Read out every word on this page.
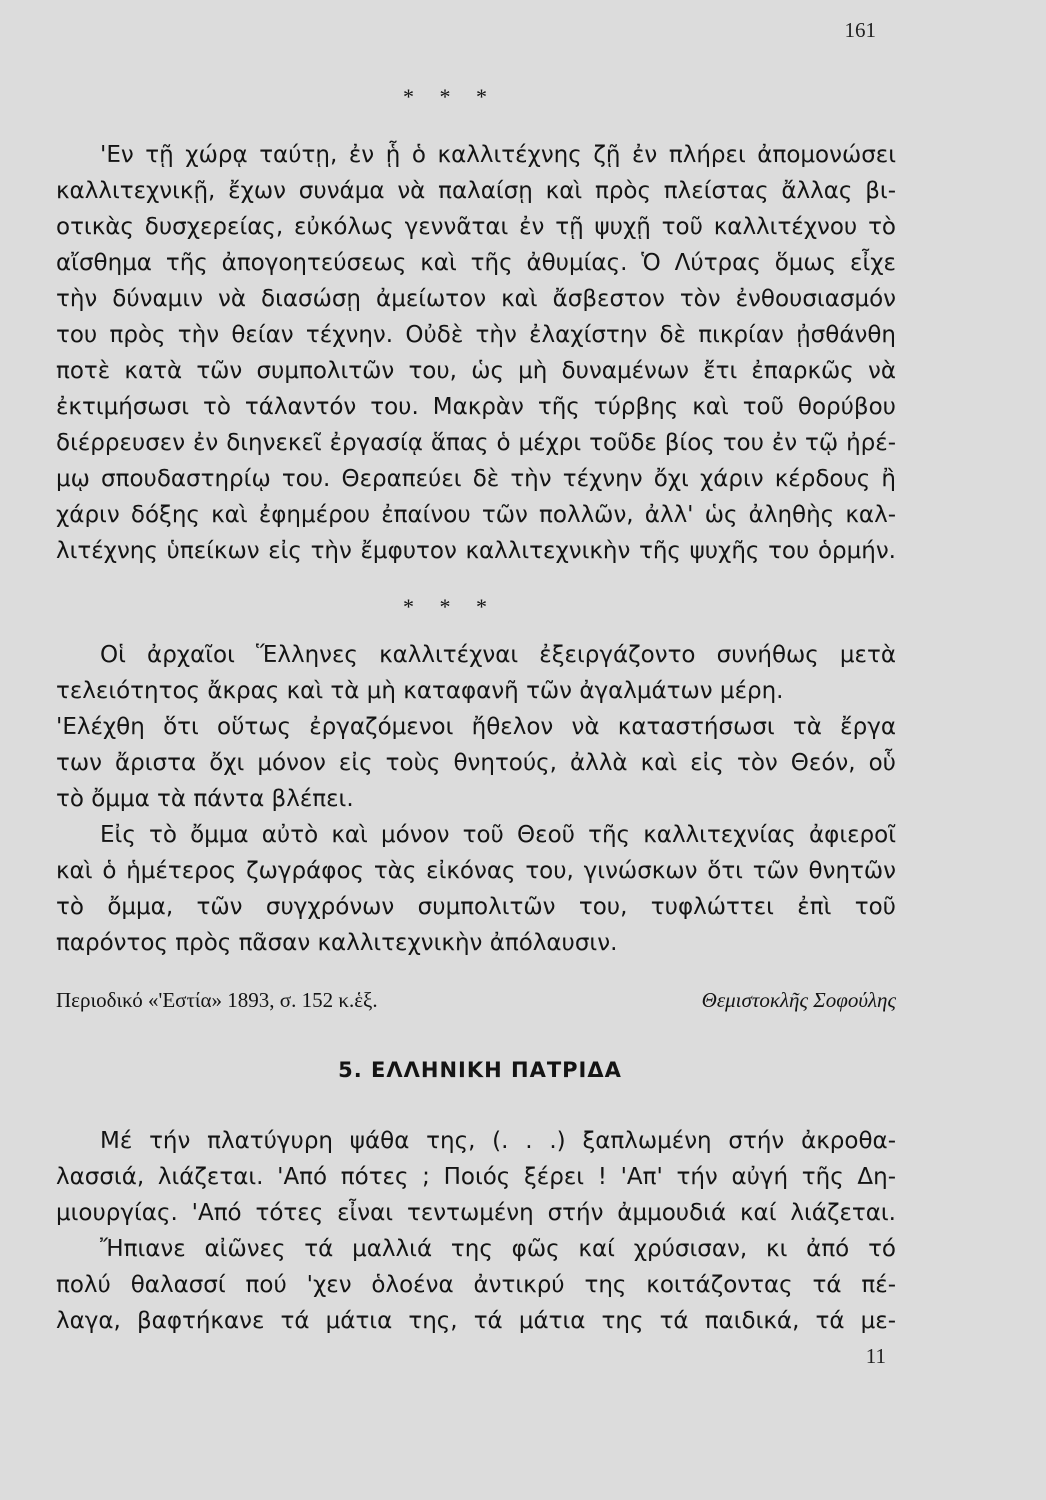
161
* * *
'Εν τῇ χώρᾳ ταύτῃ, ἐν ᾗ ὁ καλλιτέχνης ζῇ ἐν πλήρει ἀπομονώσει
καλλιτεχνικῇ, ἔχων συνάμα νὰ παλαίσῃ καὶ πρὸς πλείστας ἄλλας βι-
οτικὰς δυσχερείας, εὐκόλως γεννᾶται ἐν τῇ ψυχῇ τοῦ καλλιτέχνου τὸ
αἴσθημα τῆς ἀπογοητεύσεως καὶ τῆς ἀθυμίας. Ὁ Λύτρας ὅμως εἶχε
τὴν δύναμιν νὰ διασώσῃ ἀμείωτον καὶ ἄσβεστον τὸν ἐνθουσιασμόν
του πρὸς τὴν θείαν τέχνην. Οὐδὲ τὴν ἐλαχίστην δὲ πικρίαν ᾐσθάνθη
ποτὲ κατὰ τῶν συμπολιτῶν του, ὡς μὴ δυναμένων ἔτι ἐπαρκῶς νὰ
ἐκτιμήσωσι τὸ τάλαντόν του. Μακρὰν τῆς τύρβης καὶ τοῦ θορύβου
διέρρευσεν ἐν διηνεκεῖ ἐργασίᾳ ἅπας ὁ μέχρι τοῦδε βίος του ἐν τῷ ἠρέ-
μῳ σπουδαστηρίῳ του. Θεραπεύει δὲ τὴν τέχνην ὄχι χάριν κέρδους ἢ
χάριν δόξης καὶ ἐφημέρου ἐπαίνου τῶν πολλῶν, ἀλλ' ὡς ἀληθὴς καλ-
λιτέχνης ὑπείκων εἰς τὴν ἔμφυτον καλλιτεχνικὴν τῆς ψυχῆς του ὁρμήν.
* * *
Οἱ ἀρχαῖοι Ἕλληνες καλλιτέχναι ἐξειργάζοντο συνήθως μετὰ
τελειότητος ἄκρας καὶ τὰ μὴ καταφανῆ τῶν ἀγαλμάτων μέρη.
'Ελέχθη ὅτι οὕτως ἐργαζόμενοι ἤθελον νὰ καταστήσωσι τὰ ἔργα
των ἄριστα ὄχι μόνον εἰς τοὺς θνητούς, ἀλλὰ καὶ εἰς τὸν Θεόν, οὗ
τὸ ὄμμα τὰ πάντα βλέπει.
Εἰς τὸ ὄμμα αὐτὸ καὶ μόνον τοῦ Θεοῦ τῆς καλλιτεχνίας ἀφιεροῖ
καὶ ὁ ἡμέτερος ζωγράφος τὰς εἰκόνας του, γινώσκων ὅτι τῶν θνητῶν
τὸ ὄμμα, τῶν συγχρόνων συμπολιτῶν του, τυφλώττει ἐπὶ τοῦ
παρόντος πρὸς πᾶσαν καλλιτεχνικὴν ἀπόλαυσιν.
Περιοδικό «'Εστία» 1893, σ. 152 κ.ἑξ.	Θεμιστοκλῆς Σοφούλης
5. ΕΛΛΗΝΙΚΗ ΠΑΤΡΙΔΑ
Μέ τήν πλατύγυρη ψάθα της, (. . .) ξαπλωμένη στήν ἀκροθα-
λασσιά, λιάζεται. 'Από πότες ; Ποιός ξέρει ! 'Απ' τήν αὐγή τῆς Δη-
μιουργίας. 'Από τότες εἶναι τεντωμένη στήν ἀμμουδιά καί λιάζεται.
Ἤπιανε αἰῶνες τά μαλλιά της φῶς καί χρύσισαν, κι ἀπό τό
πολύ θαλασσί πού 'χεν ὁλοένα ἀντικρύ της κοιτάζοντας τά πέ-
λαγα, βαφτήκανε τά μάτια της, τά μάτια της τά παιδικά, τά με-
11
